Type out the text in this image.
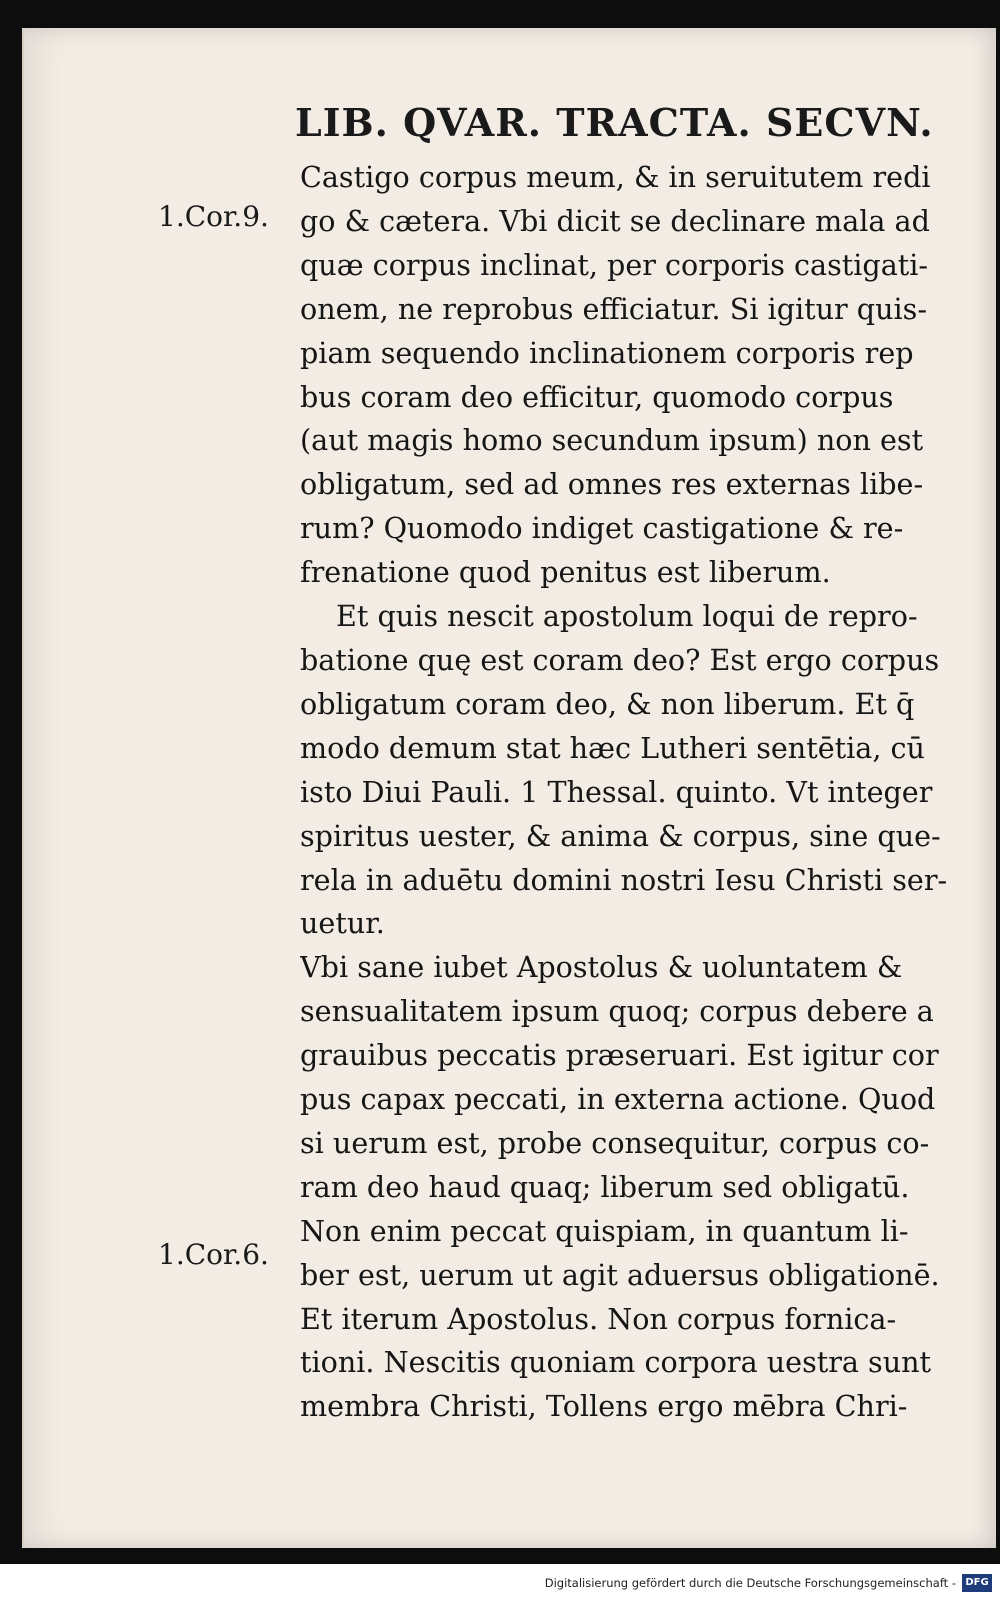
LIB. QVAR. TRACTA. SECVN.
1.Cor.9.
1.Cor.6.
Castigo corpus meum, & in seruitutem redi
go & cætera. Vbi dicit se declinare mala ad
quæ corpus inclinat, per corporis castigati-
onem, ne reprobus efficiatur. Si igitur quis-
piam sequendo inclinationem corporis rep
bus coram deo efficitur, quomodo corpus
(aut magis homo secundum ipsum) non est
obligatum, sed ad omnes res externas libe-
rum? Quomodo indiget castigatione & re-
frenatione quod penitus est liberum.
Et quis nescit apostolum loqui de repro-
batione quę est coram deo? Est ergo corpus
obligatum coram deo, & non liberum. Et q̄
modo demum stat hæc Lutheri sentētia, cū
isto Diui Pauli. 1 Thessal. quinto. Vt integer
spiritus uester, & anima & corpus, sine que-
rela in aduētu domini nostri Iesu Christi ser-
uetur.
Vbi sane iubet Apostolus & uoluntatem &
sensualitatem ipsum quoq; corpus debere a
grauibus peccatis præseruari. Est igitur cor
pus capax peccati, in externa actione. Quod
si uerum est, probe consequitur, corpus co-
ram deo haud quaq; liberum sed obligatū.
Non enim peccat quispiam, in quantum li-
ber est, uerum ut agit aduersus obligationē.
Et iterum Apostolus. Non corpus fornica-
tioni. Nescitis quoniam corpora uestra sunt
membra Christi, Tollens ergo mēbra Chri-
Digitalisierung gefördert durch die Deutsche Forschungsgemeinschaft - DFG
